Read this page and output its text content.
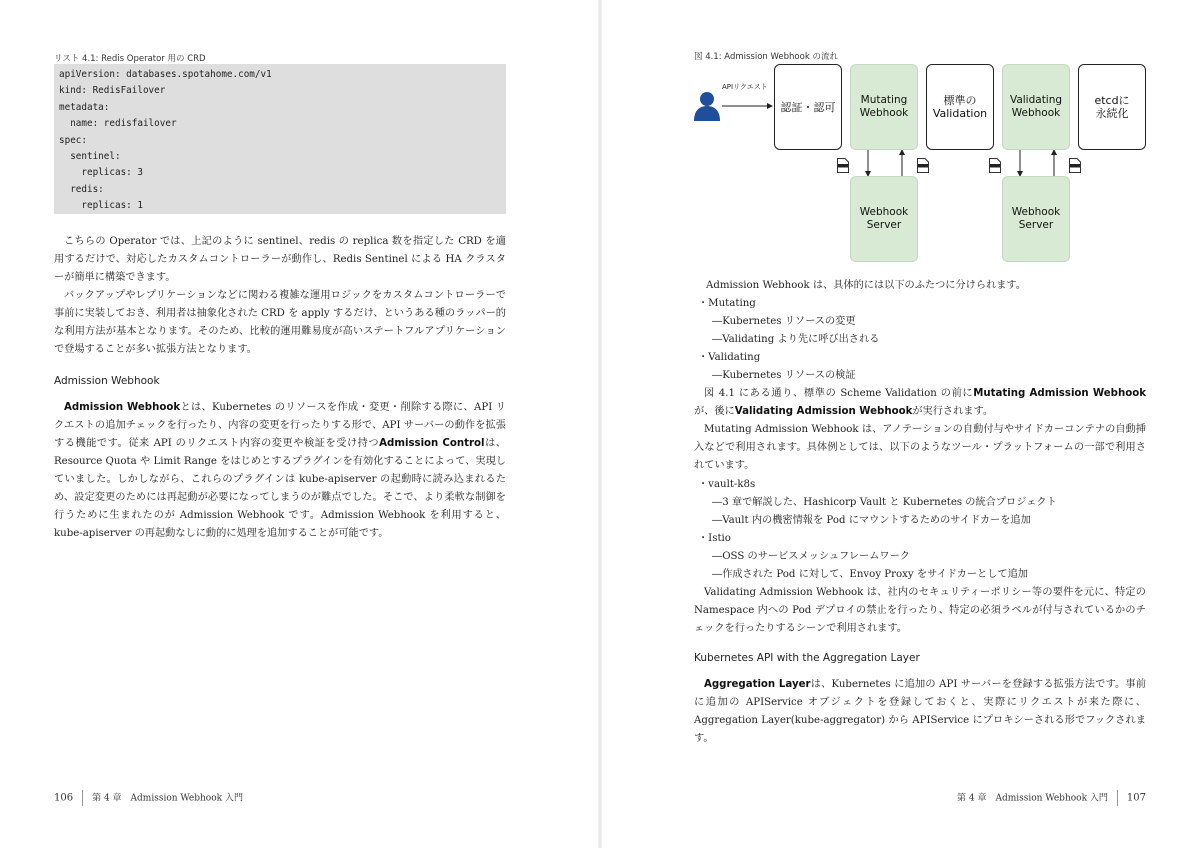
リスト 4.1: Redis Operator 用の CRD
apiVersion: databases.spotahome.com/v1
kind: RedisFailover
metadata:
name: redisfailover
spec:
sentinel:
replicas: 3
redis:
replicas: 1

こちらの Operator では、上記のように sentinel、redis の replica 数を指定した CRD を適用するだけで、対応したカスタムコントローラーが動作し、Redis Sentinel による HA クラスターが簡単に構築できます。

バックアップやレプリケーションなどに関わる複雑な運用ロジックをカスタムコントローラーで事前に実装しておき、利用者は抽象化された CRD を apply するだけ、というある種のラッパー的な利用方法が基本となります。そのため、比較的運用難易度が高いステートフルアプリケーションで登場することが多い拡張方法となります。

Admission Webhook

Admission Webhookとは、Kubernetes のリソースを作成・変更・削除する際に、API リクエストの追加チェックを行ったり、内容の変更を行ったりする形で、API サーバーの動作を拡張する機能です。従来 API のリクエスト内容の変更や検証を受け持つAdmission Controlは、Resource Quota や Limit Range をはじめとするプラグインを有効化することによって、実現していました。しかしながら、これらのプラグインは kube-apiserver の起動時に読み込まれるため、設定変更のためには再起動が必要になってしまうのが難点でした。そこで、より柔軟な制御を行うために生まれたのが Admission Webhook です。Admission Webhook を利用すると、kube-apiserver の再起動なしに動的に処理を追加することが可能です。

106 第 4 章　Admission Webhook 入門
図 4.1: Admission Webhook の流れ
APIリクエスト
認証・認可
Mutating
Webhook
標準の
Validation
Validating
Webhook
etcdに
永続化
Webhook
Server
Webhook
Server
Admission Webhook は、具体的には以下のふたつに分けられます。
・Mutating
―Kubernetes リソースの変更
―Validating より先に呼び出される
・Validating
―Kubernetes リソースの検証

図 4.1 にある通り、標準の Scheme Validation の前にMutating Admission Webhookが、後にValidating Admission Webhookが実行されます。

Mutating Admission Webhook は、アノテーションの自動付与やサイドカーコンテナの自動挿入などで利用されます。具体例としては、以下のようなツール・プラットフォームの一部で利用されています。

・vault-k8s
―3 章で解説した、Hashicorp Vault と Kubernetes の統合プロジェクト
―Vault 内の機密情報を Pod にマウントするためのサイドカーを追加
・Istio
―OSS のサービスメッシュフレームワーク
―作成された Pod に対して、Envoy Proxy をサイドカーとして追加

Validating Admission Webhook は、社内のセキュリティーポリシー等の要件を元に、特定の Namespace 内への Pod デプロイの禁止を行ったり、特定の必須ラベルが付与されているかのチェックを行ったりするシーンで利用されます。

Kubernetes API with the Aggregation Layer

Aggregation Layerは、Kubernetes に追加の API サーバーを登録する拡張方法です。事前に追加の APIService オブジェクトを登録しておくと、実際にリクエストが来た際に、Aggregation Layer(kube-aggregator) から APIService にプロキシーされる形でフックされます。

第 4 章　Admission Webhook 入門 107
